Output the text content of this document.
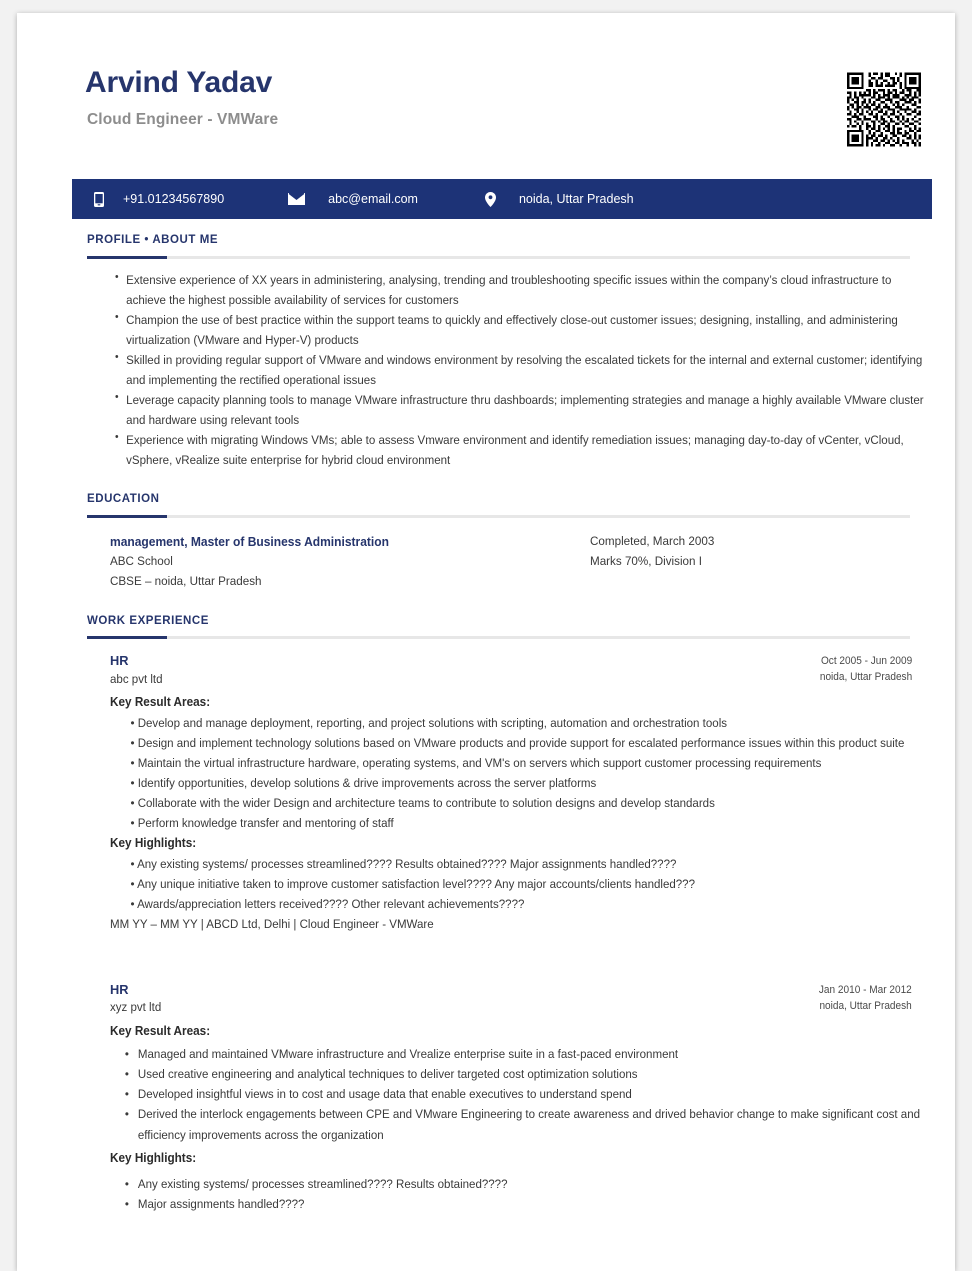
Arvind Yadav
Cloud Engineer - VMWare
+91.01234567890	abc@email.com	noida, Uttar Pradesh
PROFILE • ABOUT ME
• Extensive experience of XX years in administering, analysing, trending and troubleshooting specific issues within the company’s cloud infrastructure to achieve the highest possible availability of services for customers
• Champion the use of best practice within the support teams to quickly and effectively close-out customer issues; designing, installing, and administering virtualization (VMware and Hyper-V) products
• Skilled in providing regular support of VMware and windows environment by resolving the escalated tickets for the internal and external customer; identifying and implementing the rectified operational issues
• Leverage capacity planning tools to manage VMware infrastructure thru dashboards; implementing strategies and manage a highly available VMware cluster and hardware using relevant tools
• Experience with migrating Windows VMs; able to assess Vmware environment and identify remediation issues; managing day-to-day of vCenter, vCloud, vSphere, vRealize suite enterprise for hybrid cloud environment
EDUCATION
management, Master of Business Administration
ABC School
CBSE – noida, Uttar Pradesh
Completed, March 2003
Marks 70%, Division I
WORK EXPERIENCE
HR
abc pvt ltd
Oct 2005 - Jun 2009
noida, Uttar Pradesh
Key Result Areas:
• Develop and manage deployment, reporting, and project solutions with scripting, automation and orchestration tools
• Design and implement technology solutions based on VMware products and provide support for escalated performance issues within this product suite
• Maintain the virtual infrastructure hardware, operating systems, and VM's on servers which support customer processing requirements
• Identify opportunities, develop solutions & drive improvements across the server platforms
• Collaborate with the wider Design and architecture teams to contribute to solution designs and develop standards
• Perform knowledge transfer and mentoring of staff
Key Highlights:
• Any existing systems/ processes streamlined???? Results obtained???? Major assignments handled????
• Any unique initiative taken to improve customer satisfaction level???? Any major accounts/clients handled???
• Awards/appreciation letters received???? Other relevant achievements????
MM YY – MM YY | ABCD Ltd, Delhi | Cloud Engineer - VMWare
HR
xyz pvt ltd
Jan 2010 - Mar 2012
noida, Uttar Pradesh
Key Result Areas:
• Managed and maintained VMware infrastructure and Vrealize enterprise suite in a fast-paced environment
• Used creative engineering and analytical techniques to deliver targeted cost optimization solutions
• Developed insightful views in to cost and usage data that enable executives to understand spend
• Derived the interlock engagements between CPE and VMware Engineering to create awareness and drived behavior change to make significant cost and efficiency improvements across the organization
Key Highlights:
• Any existing systems/ processes streamlined???? Results obtained????
• Major assignments handled????
